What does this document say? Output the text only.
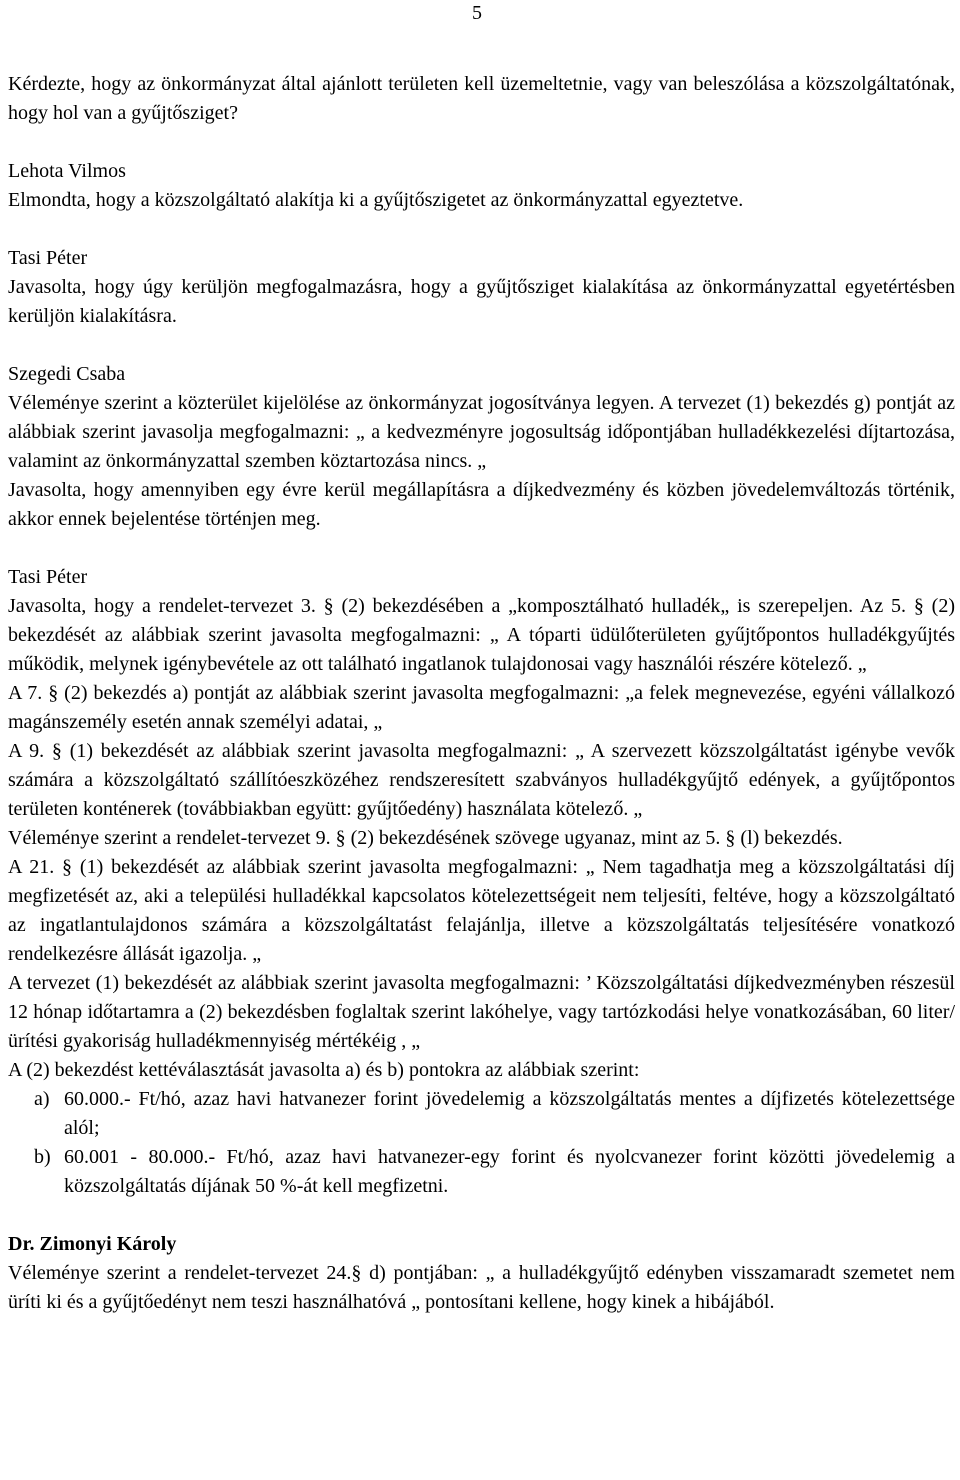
5

Kérdezte, hogy az önkormányzat által ajánlott területen kell üzemeltetnie, vagy van beleszólása a közszolgáltatónak, hogy hol van a gyűjtősziget?

Lehota Vilmos

Elmondta, hogy a közszolgáltató alakítja ki a gyűjtőszigetet az önkormányzattal egyeztetve.

Tasi Péter

Javasolta, hogy úgy kerüljön megfogalmazásra, hogy a gyűjtősziget kialakítása az önkormányzattal egyetértésben kerüljön kialakításra.

Szegedi Csaba

Véleménye szerint a közterület kijelölése az önkormányzat jogosítványa legyen. A tervezet (1) bekezdés g) pontját az alábbiak szerint javasolja megfogalmazni: „ a kedvezményre jogosultság időpontjában hulladékkezelési díjtartozása, valamint az önkormányzattal szemben köztartozása nincs. „

Javasolta, hogy amennyiben egy évre kerül megállapításra a díjkedvezmény és közben jövedelemváltozás történik, akkor ennek bejelentése történjen meg.

Tasi Péter

Javasolta, hogy a rendelet-tervezet 3. § (2) bekezdésében a „komposztálható hulladék„ is szerepeljen. Az 5. § (2) bekezdését az alábbiak szerint javasolta megfogalmazni: „ A tóparti üdülőterületen gyűjtőpontos hulladékgyűjtés működik, melynek igénybevétele az ott található ingatlanok tulajdonosai vagy használói részére kötelező. „

A 7. § (2) bekezdés a) pontját az alábbiak szerint javasolta megfogalmazni: „a felek megnevezése, egyéni vállalkozó magánszemély esetén annak személyi adatai, „

A 9. § (1) bekezdését az alábbiak szerint javasolta megfogalmazni: „ A szervezett közszolgáltatást igénybe vevők számára a közszolgáltató szállítóeszközéhez rendszeresített szabványos hulladékgyűjtő edények, a gyűjtőpontos területen konténerek (továbbiakban együtt: gyűjtőedény) használata kötelező. „

Véleménye szerint a rendelet-tervezet 9. § (2) bekezdésének szövege ugyanaz, mint az 5. § (l) bekezdés.

A 21. § (1) bekezdését az alábbiak szerint javasolta megfogalmazni: „ Nem tagadhatja meg a közszolgáltatási díj megfizetését az, aki a települési hulladékkal kapcsolatos kötelezettségeit nem teljesíti, feltéve, hogy a közszolgáltató az ingatlantulajdonos számára a közszolgáltatást felajánlja, illetve a közszolgáltatás teljesítésére vonatkozó rendelkezésre állását igazolja. „

A tervezet (1) bekezdését az alábbiak szerint javasolta megfogalmazni: ’ Közszolgáltatási díjkedvezményben részesül 12 hónap időtartamra a (2) bekezdésben foglaltak szerint lakóhelye, vagy tartózkodási helye vonatkozásában, 60 liter/ürítési gyakoriság hulladékmennyiség mértékéig , „

A (2) bekezdést kettéválasztását javasolta a) és b) pontokra az alábbiak szerint:

a) 60.000.- Ft/hó, azaz havi hatvanezer forint jövedelemig a közszolgáltatás mentes a díjfizetés kötelezettsége alól;
b) 60.001 - 80.000.- Ft/hó, azaz havi hatvanezer-egy forint és nyolcvanezer forint közötti jövedelemig a közszolgáltatás díjának 50 %-át kell megfizetni.

Dr. Zimonyi Károly

Véleménye szerint a rendelet-tervezet 24.§ d) pontjában: „ a hulladékgyűjtő edényben visszamaradt szemetet nem üríti ki és a gyűjtőedényt nem teszi használhatóvá „ pontosítani kellene, hogy kinek a hibájából.
